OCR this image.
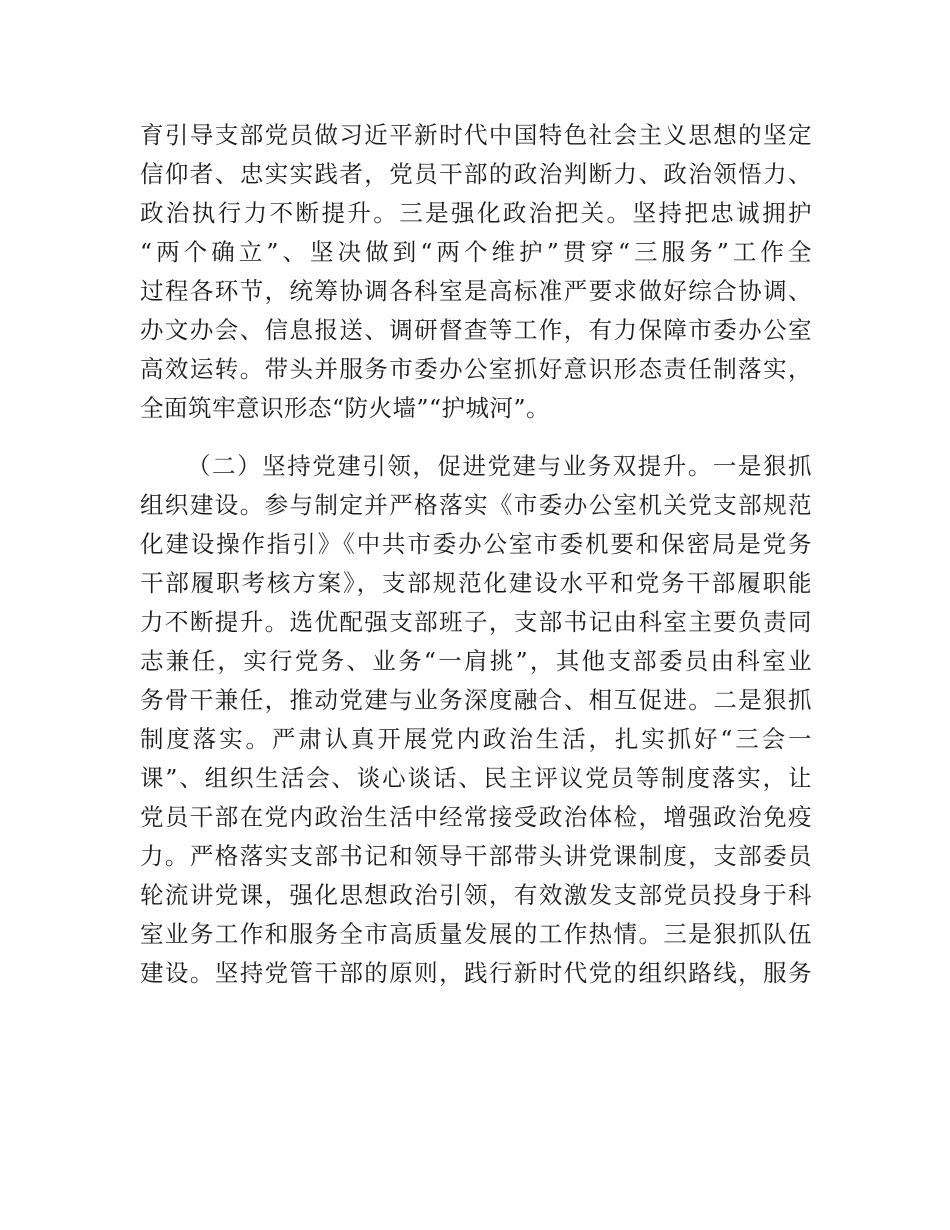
育引导支部党员做习近平新时代中国特色社会主义思想的坚定
信仰者、忠实实践者，党员干部的政治判断力、政治领悟力、
政治执行力不断提升。三是强化政治把关。坚持把忠诚拥护
“两个确立”、坚决做到“两个维护”贯穿“三服务”工作全
过程各环节，统筹协调各科室是高标准严要求做好综合协调、
办文办会、信息报送、调研督查等工作，有力保障市委办公室
高效运转。带头并服务市委办公室抓好意识形态责任制落实，
全面筑牢意识形态“防火墙”“护城河”。
（二）坚持党建引领，促进党建与业务双提升。一是狠抓
组织建设。参与制定并严格落实《市委办公室机关党支部规范
化建设操作指引》《中共市委办公室市委机要和保密局是党务
干部履职考核方案》，支部规范化建设水平和党务干部履职能
力不断提升。选优配强支部班子，支部书记由科室主要负责同
志兼任，实行党务、业务“一肩挑”，其他支部委员由科室业
务骨干兼任，推动党建与业务深度融合、相互促进。二是狠抓
制度落实。严肃认真开展党内政治生活，扎实抓好“三会一
课”、组织生活会、谈心谈话、民主评议党员等制度落实，让
党员干部在党内政治生活中经常接受政治体检，增强政治免疫
力。严格落实支部书记和领导干部带头讲党课制度，支部委员
轮流讲党课，强化思想政治引领，有效激发支部党员投身于科
室业务工作和服务全市高质量发展的工作热情。三是狠抓队伍
建设。坚持党管干部的原则，践行新时代党的组织路线，服务
